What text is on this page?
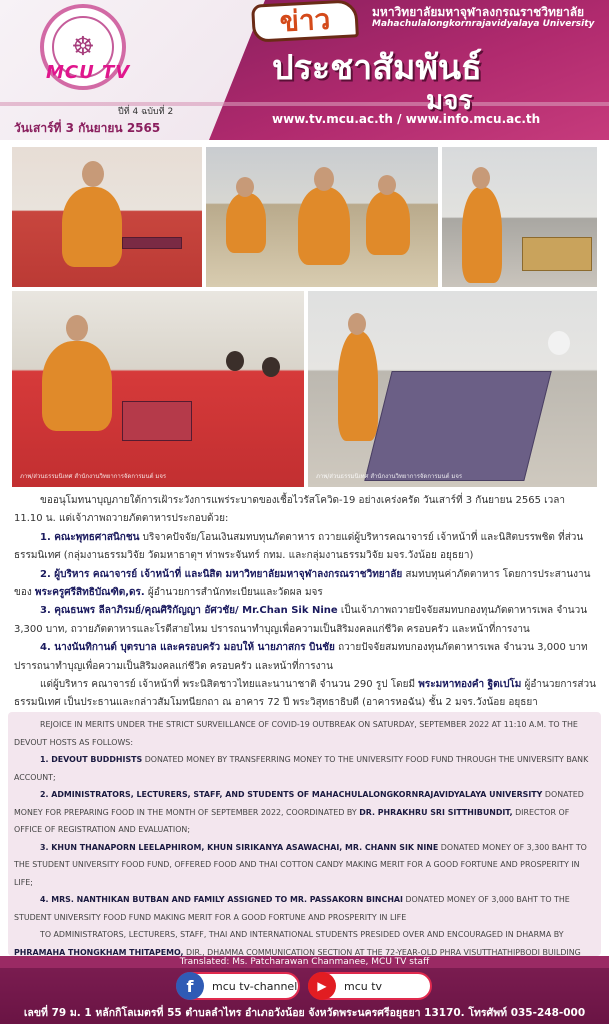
☸
MCU TV
ข่าว	มหาวิทยาลัยมหาจุฬาลงกรณราชวิทยาลัย
Mahachulalongkornrajavidyalaya University
ประชาสัมพันธ์
มจร
ปีที่ 4 ฉบับที่ 2
วันเสาร์ที่ 3 กันยายน 2565
www.tv.mcu.ac.th / www.info.mcu.ac.th
ภาพ/ส่วนธรรมนิเทศ สำนักงานวิทยาการจัดการมนต์ มจร	ภาพ/ส่วนธรรมนิเทศ สำนักงานวิทยาการจัดการมนต์ มจร

ขออนุโมทนาบุญภายใต้การเฝ้าระวังการแพร่ระบาดของเชื้อไวรัสโควิด-19 อย่างเคร่งครัด วันเสาร์ที่ 3 กันยายน 2565 เวลา 11.10 น. แด่เจ้าภาพถวายภัตตาหารประกอบด้วย:

1. คณะพุทธศาสนิกชน บริจาคปัจจัย/โอนเงินสมทบทุนภัตตาหาร ถวายแด่ผู้บริหารคณาจารย์ เจ้าหน้าที่ และนิสิตบรรพชิต ที่ส่วนธรรมนิเทศ (กลุ่มงานธรรมวิจัย วัดมหาธาตุฯ ท่าพระจันทร์ กทม. และกลุ่มงานธรรมวิจัย มจร.วังน้อย อยุธยา)

2. ผู้บริหาร คณาจารย์ เจ้าหน้าที่ และนิสิต มหาวิทยาลัยมหาจุฬาลงกรณราชวิทยาลัย สมทบทุนค่าภัตตาหาร โดยการประสานงานของ พระครูศรีสิทธิบัณฑิต,ดร. ผู้อำนวยการสำนักทะเบียนและวัดผล มจร

3. คุณธนพร ลีลาภิรมย์/คุณศิริกัญญา อัศวชัย/ Mr.Chan Sik Nine เป็นเจ้าภาพถวายปัจจัยสมทบกองทุนภัตตาหารเพล จำนวน 3,300 บาท, ถวายภัตตาหารและโรตีสายไหม ปรารถนาทำบุญเพื่อความเป็นสิริมงคลแก่ชีวิต ครอบครัว และหน้าที่การงาน

4. นางนันทิกานต์ บุตรบาล และครอบครัว มอบให้ นายภาสกร บินชัย ถวายปัจจัยสมทบกองทุนภัตตาหารเพล จำนวน 3,000 บาท ปรารถนาทำบุญเพื่อความเป็นสิริมงคลแก่ชีวิต ครอบครัว และหน้าที่การงาน

แด่ผู้บริหาร คณาจารย์ เจ้าหน้าที่ พระนิสิตชาวไทยและนานาชาติ จำนวน 290 รูป โดยมี พระมหาทองคำ ฐิตเปโม ผู้อำนวยการส่วนธรรมนิเทศ เป็นประธานและกล่าวสัมโมทนียกถา ณ อาคาร 72 ปี พระวิสุทธาธิบดี (อาคารหอฉัน) ชั้น 2 มจร.วังน้อย อยุธยา

REJOICE IN MERITS UNDER THE STRICT SURVEILLANCE OF COVID-19 OUTBREAK ON SATURDAY, SEPTEMBER 2022 AT 11:10 A.M. TO THE DEVOUT HOSTS AS FOLLOWS:

1. DEVOUT BUDDHISTS DONATED MONEY BY TRANSFERRING MONEY TO THE UNIVERSITY FOOD FUND THROUGH THE UNIVERSITY BANK ACCOUNT;

2. ADMINISTRATORS, LECTURERS, STAFF, AND STUDENTS OF MAHACHULALONGKORNRAJAVIDYALAYA UNIVERSITY DONATED MONEY FOR PREPARING FOOD IN THE MONTH OF SEPTEMBER 2022, COORDINATED BY DR. PHRAKHRU SRI SITTHIBUNDIT, DIRECTOR OF OFFICE OF REGISTRATION AND EVALUATION;

3. KHUN THANAPORN LEELAPHIROM, KHUN SIRIKANYA ASAWACHAI, MR. CHANN SIK NINE DONATED MONEY OF 3,300 BAHT TO THE STUDENT UNIVERSITY FOOD FUND, OFFERED FOOD AND THAI COTTON CANDY MAKING MERIT FOR A GOOD FORTUNE AND PROSPERITY IN LIFE;

4. MRS. NANTHIKAN BUTBAN AND FAMILY ASSIGNED TO MR. PASSAKORN BINCHAI DONATED MONEY OF 3,000 BAHT TO THE STUDENT UNIVERSITY FOOD FUND MAKING MERIT FOR A GOOD FORTUNE AND PROSPERITY IN LIFE

TO ADMINISTRATORS, LECTURERS, STAFF, THAI AND INTERNATIONAL STUDENTS PRESIDED OVER AND ENCOURAGED IN DHARMA BY PHRAMAHA THONGKHAM THITAPEMO, DIR., DHAMMA COMMUNICATION SECTION AT THE 72-YEAR-OLD PHRA VISUTTHATHIPBODI BUILDING

Translated: Ms. Patcharawan Chanmanee, MCU TV staff
f	mcu tv-channel	▶	mcu tv
เลขที่ 79 ม. 1 หลักกิโลเมตรที่ 55 ตำบลลำไทร อำเภอวังน้อย จังหวัดพระนครศรีอยุธยา 13170. โทรศัพท์ 035-248-000
